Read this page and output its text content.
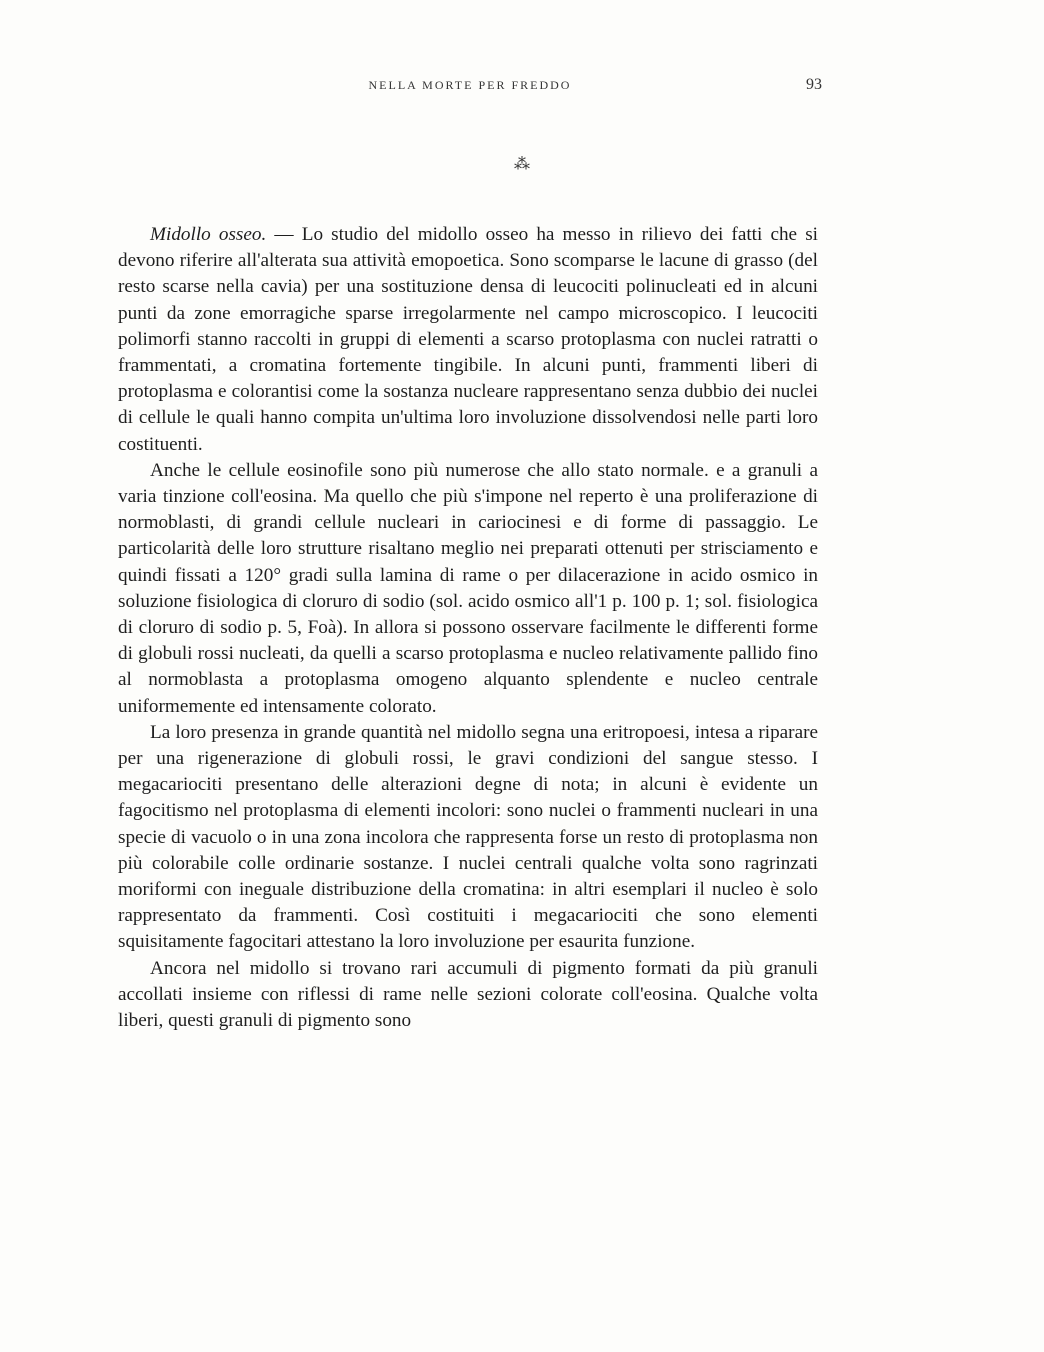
NELLA MORTE PER FREDDO	93
⁂

Midollo osseo. — Lo studio del midollo osseo ha messo in rilievo dei fatti che si devono riferire all'alterata sua attività emopoetica. Sono scomparse le lacune di grasso (del resto scarse nella cavia) per una sostituzione densa di leucociti polinucleati ed in alcuni punti da zone emorragiche sparse irregolarmente nel campo microscopico. I leucociti polimorfi stanno raccolti in gruppi di elementi a scarso protoplasma con nuclei ratratti o frammentati, a cromatina fortemente tingibile. In alcuni punti, frammenti liberi di protoplasma e colorantisi come la sostanza nucleare rappresentano senza dubbio dei nuclei di cellule le quali hanno compita un'ultima loro involuzione dissolvendosi nelle parti loro costituenti.

Anche le cellule eosinofile sono più numerose che allo stato normale. e a granuli a varia tinzione coll'eosina. Ma quello che più s'impone nel reperto è una proliferazione di normoblasti, di grandi cellule nucleari in cariocinesi e di forme di passaggio. Le particolarità delle loro strutture risaltano meglio nei preparati ottenuti per strisciamento e quindi fissati a 120° gradi sulla lamina di rame o per dilacerazione in acido osmico in soluzione fisiologica di cloruro di sodio (sol. acido osmico all'1 p. 100 p. 1; sol. fisiologica di cloruro di sodio p. 5, Foà). In allora si possono osservare facilmente le differenti forme di globuli rossi nucleati, da quelli a scarso protoplasma e nucleo relativamente pallido fino al normoblasta a protoplasma omogeno alquanto splendente e nucleo centrale uniformemente ed intensamente colorato.

La loro presenza in grande quantità nel midollo segna una eritropoesi, intesa a riparare per una rigenerazione di globuli rossi, le gravi condizioni del sangue stesso. I megacariociti presentano delle alterazioni degne di nota; in alcuni è evidente un fagocitismo nel protoplasma di elementi incolori: sono nuclei o frammenti nucleari in una specie di vacuolo o in una zona incolora che rappresenta forse un resto di protoplasma non più colorabile colle ordinarie sostanze. I nuclei centrali qualche volta sono ragrinzati moriformi con ineguale distribuzione della cromatina: in altri esemplari il nucleo è solo rappresentato da frammenti. Così costituiti i megacariociti che sono elementi squisitamente fagocitari attestano la loro involuzione per esaurita funzione.

Ancora nel midollo si trovano rari accumuli di pigmento formati da più granuli accollati insieme con riflessi di rame nelle sezioni colorate coll'eosina. Qualche volta liberi, questi granuli di pigmento sono
